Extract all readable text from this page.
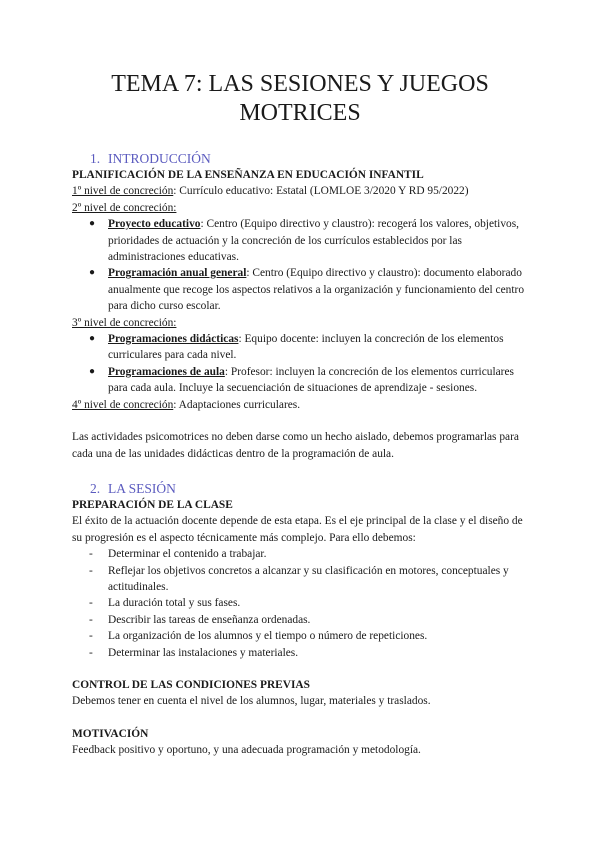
TEMA 7: LAS SESIONES Y JUEGOS MOTRICES
1. INTRODUCCIÓN

PLANIFICACIÓN DE LA ENSEÑANZA EN EDUCACIÓN INFANTIL

1º nivel de concreción: Currículo educativo: Estatal (LOMLOE 3/2020 Y RD 95/2022)

2º nivel de concreción:

● Proyecto educativo: Centro (Equipo directivo y claustro): recogerá los valores, objetivos, prioridades de actuación y la concreción de los currículos establecidos por las administraciones educativas.
● Programación anual general: Centro (Equipo directivo y claustro): documento elaborado anualmente que recoge los aspectos relativos a la organización y funcionamiento del centro para dicho curso escolar.

3º nivel de concreción:

● Programaciones didácticas: Equipo docente: incluyen la concreción de los elementos curriculares para cada nivel.
● Programaciones de aula: Profesor: incluyen la concreción de los elementos curriculares para cada aula. Incluye la secuenciación de situaciones de aprendizaje - sesiones.

4º nivel de concreción: Adaptaciones curriculares.

Las actividades psicomotrices no deben darse como un hecho aislado, debemos programarlas para cada una de las unidades didácticas dentro de la programación de aula.

2. LA SESIÓN

PREPARACIÓN DE LA CLASE

El éxito de la actuación docente depende de esta etapa. Es el eje principal de la clase y el diseño de su progresión es el aspecto técnicamente más complejo. Para ello debemos:

- Determinar el contenido a trabajar.
- Reflejar los objetivos concretos a alcanzar y su clasificación en motores, conceptuales y actitudinales.
- La duración total y sus fases.
- Describir las tareas de enseñanza ordenadas.
- La organización de los alumnos y el tiempo o número de repeticiones.
- Determinar las instalaciones y materiales.

CONTROL DE LAS CONDICIONES PREVIAS

Debemos tener en cuenta el nivel de los alumnos, lugar, materiales y traslados.

MOTIVACIÓN

Feedback positivo y oportuno, y una adecuada programación y metodología.
